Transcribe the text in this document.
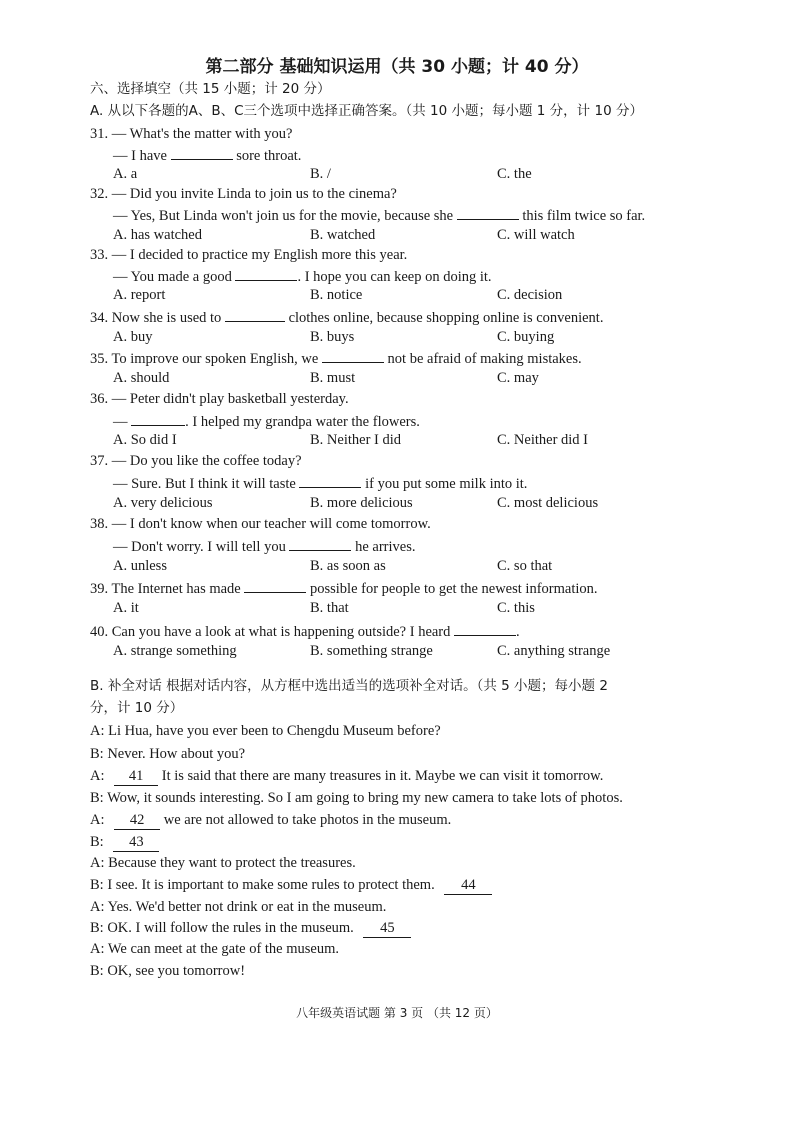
第二部分 基础知识运用（共 30 小题；计 40 分）
六、选择填空（共 15 小题；计 20 分）
A. 从以下各题的A、B、C三个选项中选择正确答案。（共 10 小题；每小题 1 分，计 10 分）
31. — What's the matter with you?
— I have	sore throat.
A. a	B. /	C. the
32. — Did you invite Linda to join us to the cinema?
— Yes, But Linda won't join us for the movie, because she	this film twice so far.
A. has watched	B. watched	C. will watch
33. — I decided to practice my English more this year.
— You made a good	. I hope you can keep on doing it.
A. report	B. notice	C. decision
34. Now she is used to	clothes online, because shopping online is convenient.
A. buy	B. buys	C. buying
35. To improve our spoken English, we	not be afraid of making mistakes.
A. should	B. must	C. may
36. — Peter didn't play basketball yesterday.
—	. I helped my grandpa water the flowers.
A. So did I	B. Neither I did	C. Neither did I
37. — Do you like the coffee today?
— Sure. But I think it will taste	if you put some milk into it.
A. very delicious	B. more delicious	C. most delicious
38. — I don't know when our teacher will come tomorrow.
— Don't worry. I will tell you	he arrives.
A. unless	B. as soon as	C. so that
39. The Internet has made	possible for people to get the newest information.
A. it	B. that	C. this
40. Can you have a look at what is happening outside? I heard	.
A. strange something	B. something strange	C. anything strange
B. 补全对话 根据对话内容，从方框中选出适当的选项补全对话。（共 5 小题；每小题 2
分，计 10 分）
A: Li Hua, have you ever been to Chengdu Museum before?
B: Never. How about you?
A: 41 It is said that there are many treasures in it. Maybe we can visit it tomorrow.
B: Wow, it sounds interesting. So I am going to bring my new camera to take lots of photos.
A: 42 we are not allowed to take photos in the museum.
B: 43
A: Because they want to protect the treasures.
B: I see. It is important to make some rules to protect them. 44
A: Yes. We'd better not drink or eat in the museum.
B: OK. I will follow the rules in the museum. 45
A: We can meet at the gate of the museum.
B: OK, see you tomorrow!
八年级英语试题 第 3 页 （共 12 页）
